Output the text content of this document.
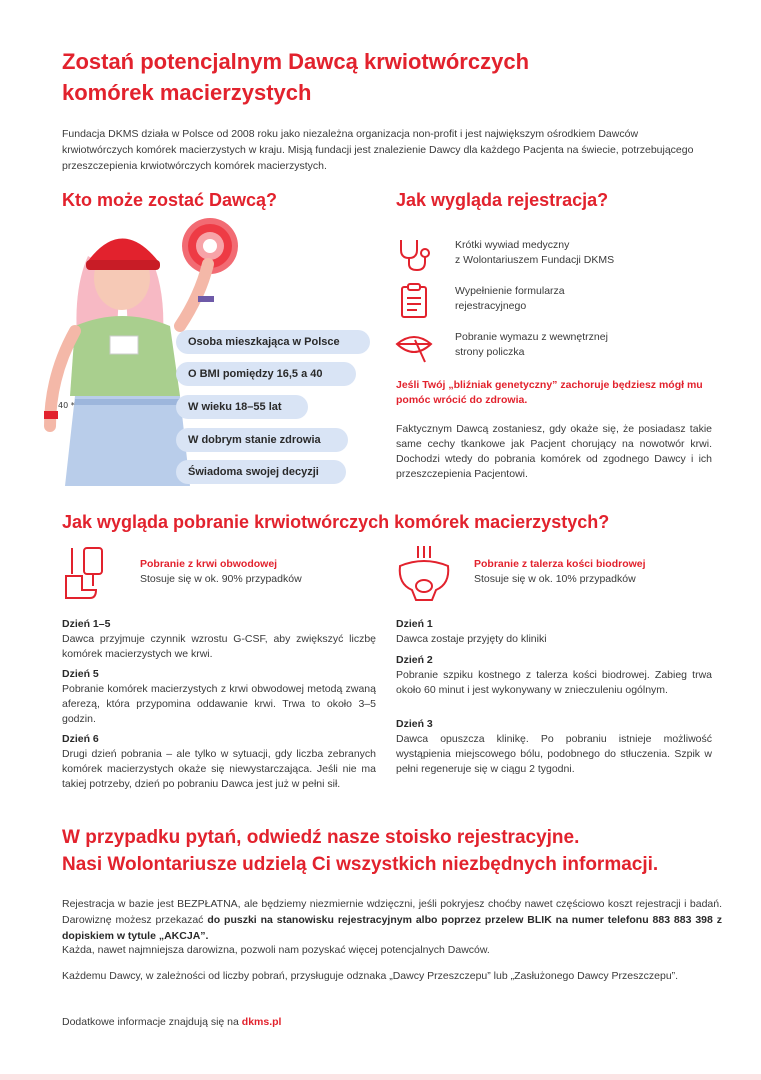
Zostań potencjalnym Dawcą krwiotwórczych
komórek macierzystych

Fundacja DKMS działa w Polsce od 2008 roku jako niezależna organizacja non-profit i jest największym ośrodkiem Dawców krwiotwórczych komórek macierzystych w kraju. Misją fundacji jest znalezienie Dawcy dla każdego Pacjenta na świecie, potrzebującego przeszczepienia krwiotwórczych komórek macierzystych.

Kto może zostać Dawcą?
40 *
Osoba mieszkająca w Polsce
O BMI pomiędzy 16,5 a 40
W wieku 18–55 lat
W dobrym stanie zdrowia
Świadoma swojej decyzji
Jak wygląda rejestracja?
Krótki wywiad medyczny
z Wolontariuszem Fundacji DKMS
Wypełnienie formularza
rejestracyjnego
Pobranie wymazu z wewnętrznej
strony policzka
Jeśli Twój „bliźniak genetyczny” zachoruje będziesz mógł mu pomóc wrócić do zdrowia.
Faktycznym Dawcą zostaniesz, gdy okaże się, że posiadasz takie same cechy tkankowe jak Pacjent chorujący na nowotwór krwi. Dochodzi wtedy do pobrania komórek od zgodnego Dawcy i ich przeszczepienia Pacjentowi.
Jak wygląda pobranie krwiotwórczych komórek macierzystych?
Pobranie z krwi obwodowej
Stosuje się w ok. 90% przypadków
Pobranie z talerza kości biodrowej
Stosuje się w ok. 10% przypadków
Dzień 1–5
Dawca przyjmuje czynnik wzrostu G-CSF, aby zwiększyć liczbę komórek macierzystych we krwi.
Dzień 5
Pobranie komórek macierzystych z krwi obwodowej metodą zwaną aferezą, która przypomina oddawanie krwi. Trwa to około 3–5 godzin.
Dzień 6
Drugi dzień pobrania – ale tylko w sytuacji, gdy liczba zebranych komórek macierzystych okaże się niewystarczająca. Jeśli nie ma takiej potrzeby, dzień po pobraniu Dawca jest już w pełni sił.
Dzień 1
Dawca zostaje przyjęty do kliniki
Dzień 2
Pobranie szpiku kostnego z talerza kości biodrowej. Zabieg trwa około 60 minut i jest wykonywany w znieczuleniu ogólnym.
Dzień 3
Dawca opuszcza klinikę. Po pobraniu istnieje możliwość wystąpienia miejscowego bólu, podobnego do stłuczenia. Szpik w pełni regeneruje się w ciągu 2 tygodni.
W przypadku pytań, odwiedź nasze stoisko rejestracyjne.
Nasi Wolontariusze udzielą Ci wszystkich niezbędnych informacji.

Rejestracja w bazie jest BEZPŁATNA, ale będziemy niezmiernie wdzięczni, jeśli pokryjesz choćby nawet częściowo koszt rejestracji i badań. Darowiznę możesz przekazać do puszki na stanowisku rejestracyjnym albo poprzez przelew BLIK na numer telefonu 883 883 398 z dopiskiem w tytule „AKCJA”.

Każda, nawet najmniejsza darowizna, pozwoli nam pozyskać więcej potencjalnych Dawców.

Każdemu Dawcy, w zależności od liczby pobrań, przysługuje odznaka „Dawcy Przeszczepu” lub „Zasłużonego Dawcy Przeszczepu”.

Dodatkowe informacje znajdują się na dkms.pl
